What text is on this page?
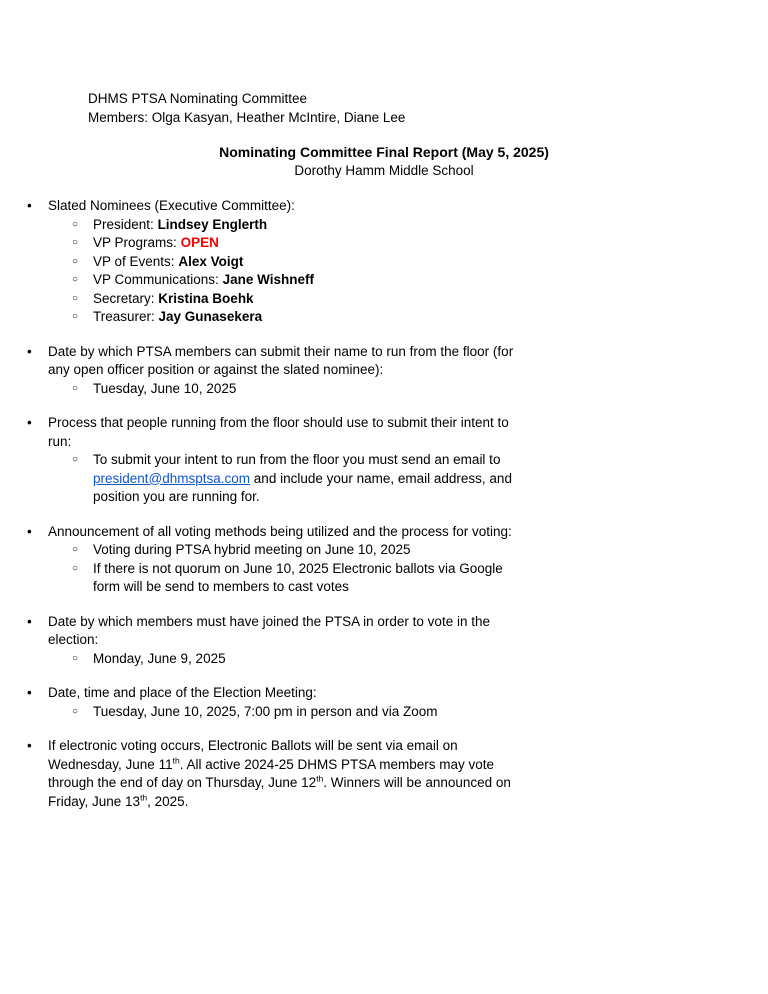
DHMS PTSA Nominating Committee
Members: Olga Kasyan, Heather McIntire, Diane Lee
Nominating Committee Final Report (May 5, 2025)
Dorothy Hamm Middle School
•	Slated Nominees (Executive Committee):
○	President: Lindsey Englerth
○	VP Programs: OPEN
○	VP of Events: Alex Voigt
○	VP Communications: Jane Wishneff
○	Secretary: Kristina Boehk
○	Treasurer: Jay Gunasekera
•	Date by which PTSA members can submit their name to run from the floor (for
any open officer position or against the slated nominee):
○	Tuesday, June 10, 2025
•	Process that people running from the floor should use to submit their intent to
run:
○	To submit your intent to run from the floor you must send an email to
president@dhmsptsa.com and include your name, email address, and
position you are running for.
•	Announcement of all voting methods being utilized and the process for voting:
○	Voting during PTSA hybrid meeting on June 10, 2025
○	If there is not quorum on June 10, 2025 Electronic ballots via Google
form will be send to members to cast votes
•	Date by which members must have joined the PTSA in order to vote in the
election:
○	Monday, June 9, 2025
•	Date, time and place of the Election Meeting:
○	Tuesday, June 10, 2025, 7:00 pm in person and via Zoom
•	If electronic voting occurs, Electronic Ballots will be sent via email on
Wednesday, June 11th. All active 2024-25 DHMS PTSA members may vote
through the end of day on Thursday, June 12th. Winners will be announced on
Friday, June 13th, 2025.
